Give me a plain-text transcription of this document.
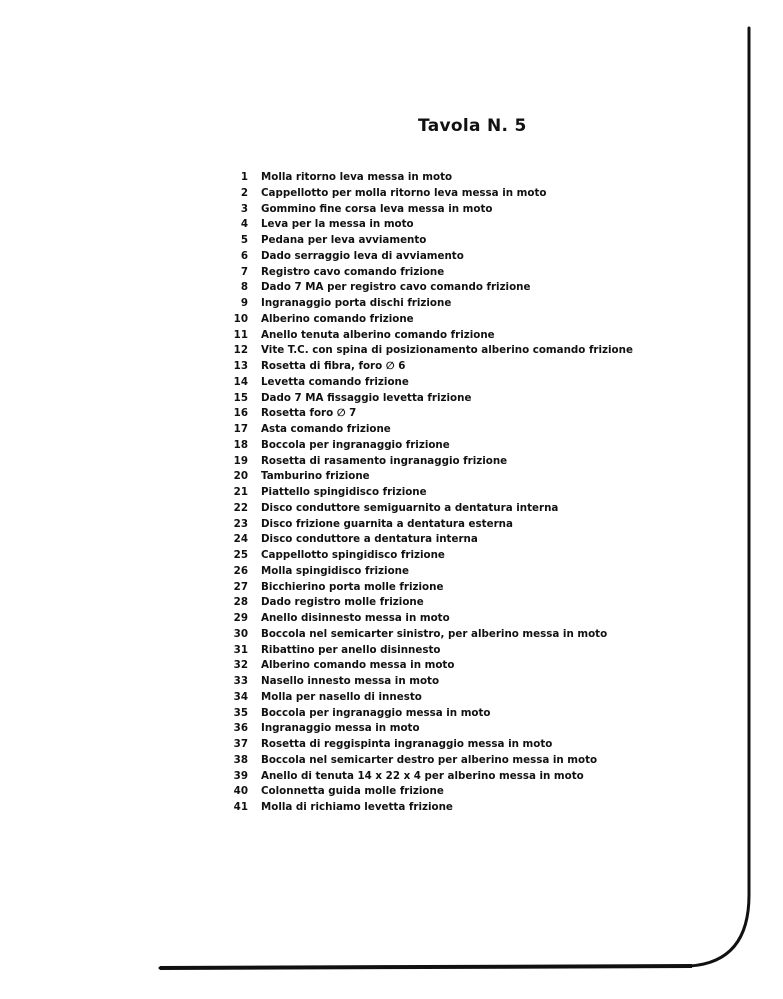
Tavola N. 5
1 Molla ritorno leva messa in moto
2 Cappellotto per molla ritorno leva messa in moto
3 Gommino fine corsa leva messa in moto
4 Leva per la messa in moto
5 Pedana per leva avviamento
6 Dado serraggio leva di avviamento
7 Registro cavo comando frizione
8 Dado 7 MA per registro cavo comando frizione
9 Ingranaggio porta dischi frizione
10 Alberino comando frizione
11 Anello tenuta alberino comando frizione
12 Vite T.C. con spina di posizionamento alberino comando frizione
13 Rosetta di fibra, foro ∅ 6
14 Levetta comando frizione
15 Dado 7 MA fissaggio levetta frizione
16 Rosetta foro ∅ 7
17 Asta comando frizione
18 Boccola per ingranaggio frizione
19 Rosetta di rasamento ingranaggio frizione
20 Tamburino frizione
21 Piattello spingidisco frizione
22 Disco conduttore semiguarnito a dentatura interna
23 Disco frizione guarnita a dentatura esterna
24 Disco conduttore a dentatura interna
25 Cappellotto spingidisco frizione
26 Molla spingidisco frizione
27 Bicchierino porta molle frizione
28 Dado registro molle frizione
29 Anello disinnesto messa in moto
30 Boccola nel semicarter sinistro, per alberino messa in moto
31 Ribattino per anello disinnesto
32 Alberino comando messa in moto
33 Nasello innesto messa in moto
34 Molla per nasello di innesto
35 Boccola per ingranaggio messa in moto
36 Ingranaggio messa in moto
37 Rosetta di reggispinta ingranaggio messa in moto
38 Boccola nel semicarter destro per alberino messa in moto
39 Anello di tenuta 14 x 22 x 4 per alberino messa in moto
40 Colonnetta guida molle frizione
41 Molla di richiamo levetta frizione
